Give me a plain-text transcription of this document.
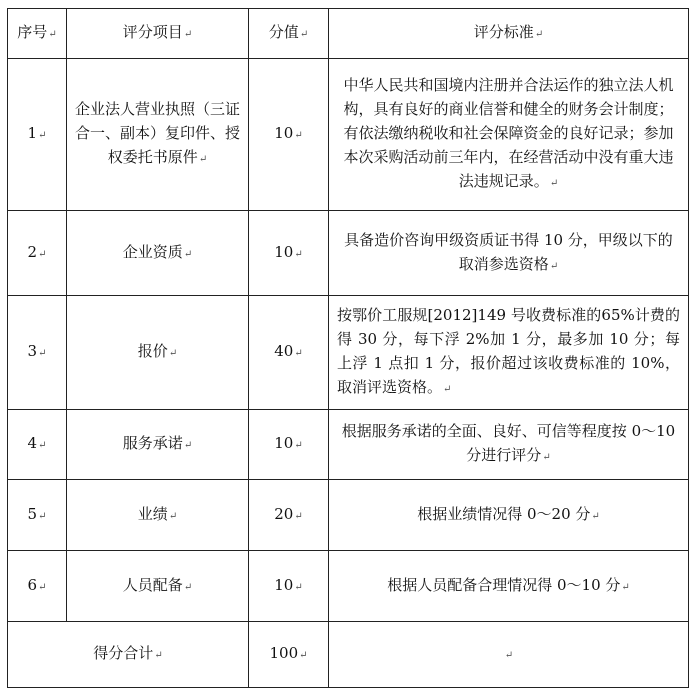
序号↵	评分项目↵	分值↵	评分标准↵
1↵	企业法人营业执照（三证合一、副本）复印件、授权委托书原件↵	10↵	中华人民共和国境内注册并合法运作的独立法人机构，具有良好的商业信誉和健全的财务会计制度；有依法缴纳税收和社会保障资金的良好记录；参加本次采购活动前三年内，在经营活动中没有重大违法违规记录。↵
2↵	企业资质↵	10↵	具备造价咨询甲级资质证书得 10 分，甲级以下的取消参选资格↵
3↵	报价↵	40↵	按鄂价工服规[2012]149 号收费标准的65%计费的得 30 分，每下浮 2%加 1 分，最多加 10 分；每上浮 1 点扣 1 分，报价超过该收费标准的 10%，取消评选资格。↵
4↵	服务承诺↵	10↵	根据服务承诺的全面、良好、可信等程度按 0～10 分进行评分↵
5↵	业绩↵	20↵	根据业绩情况得 0～20 分↵
6↵	人员配备↵	10↵	根据人员配备合理情况得 0～10 分↵
得分合计↵		100↵	↵
